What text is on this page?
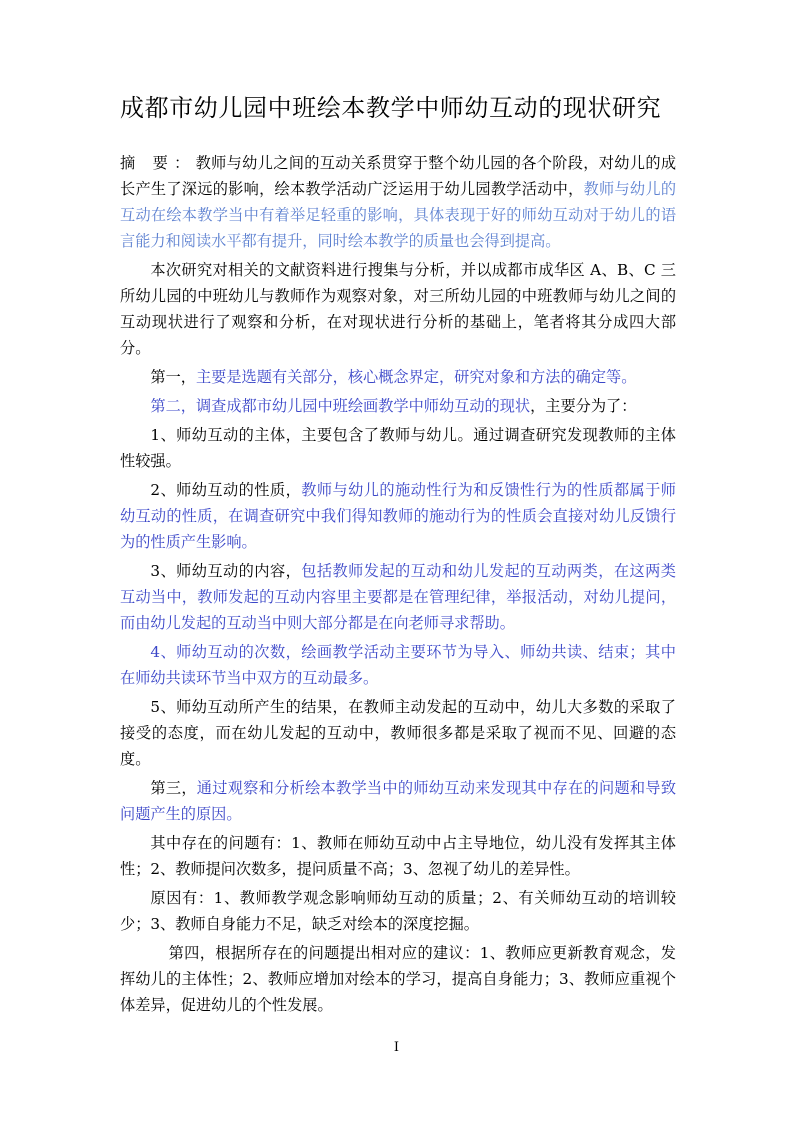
成都市幼儿园中班绘本教学中师幼互动的现状研究

摘 要：教师与幼儿之间的互动关系贯穿于整个幼儿园的各个阶段，对幼儿的成长产生了深远的影响，绘本教学活动广泛运用于幼儿园教学活动中，教师与幼儿的互动在绘本教学当中有着举足轻重的影响，具体表现于好的师幼互动对于幼儿的语言能力和阅读水平都有提升，同时绘本教学的质量也会得到提高。

本次研究对相关的文献资料进行搜集与分析，并以成都市成华区 A、B、C 三所幼儿园的中班幼儿与教师作为观察对象，对三所幼儿园的中班教师与幼儿之间的互动现状进行了观察和分析，在对现状进行分析的基础上，笔者将其分成四大部分。

第一，主要是选题有关部分，核心概念界定，研究对象和方法的确定等。

第二，调查成都市幼儿园中班绘画教学中师幼互动的现状，主要分为了：

1、师幼互动的主体，主要包含了教师与幼儿。通过调查研究发现教师的主体性较强。

2、师幼互动的性质，教师与幼儿的施动性行为和反馈性行为的性质都属于师幼互动的性质，在调查研究中我们得知教师的施动行为的性质会直接对幼儿反馈行为的性质产生影响。

3、师幼互动的内容，包括教师发起的互动和幼儿发起的互动两类，在这两类互动当中，教师发起的互动内容里主要都是在管理纪律，举报活动，对幼儿提问，而由幼儿发起的互动当中则大部分都是在向老师寻求帮助。

4、师幼互动的次数，绘画教学活动主要环节为导入、师幼共读、结束；其中在师幼共读环节当中双方的互动最多。

5、师幼互动所产生的结果，在教师主动发起的互动中，幼儿大多数的采取了接受的态度，而在幼儿发起的互动中，教师很多都是采取了视而不见、回避的态度。

第三，通过观察和分析绘本教学当中的师幼互动来发现其中存在的问题和导致问题产生的原因。

其中存在的问题有：1、教师在师幼互动中占主导地位，幼儿没有发挥其主体性；2、教师提问次数多，提问质量不高；3、忽视了幼儿的差异性。

原因有：1、教师教学观念影响师幼互动的质量；2、有关师幼互动的培训较少；3、教师自身能力不足，缺乏对绘本的深度挖掘。

第四，根据所存在的问题提出相对应的建议：1、教师应更新教育观念，发挥幼儿的主体性；2、教师应增加对绘本的学习，提高自身能力；3、教师应重视个体差异，促进幼儿的个性发展。

I
